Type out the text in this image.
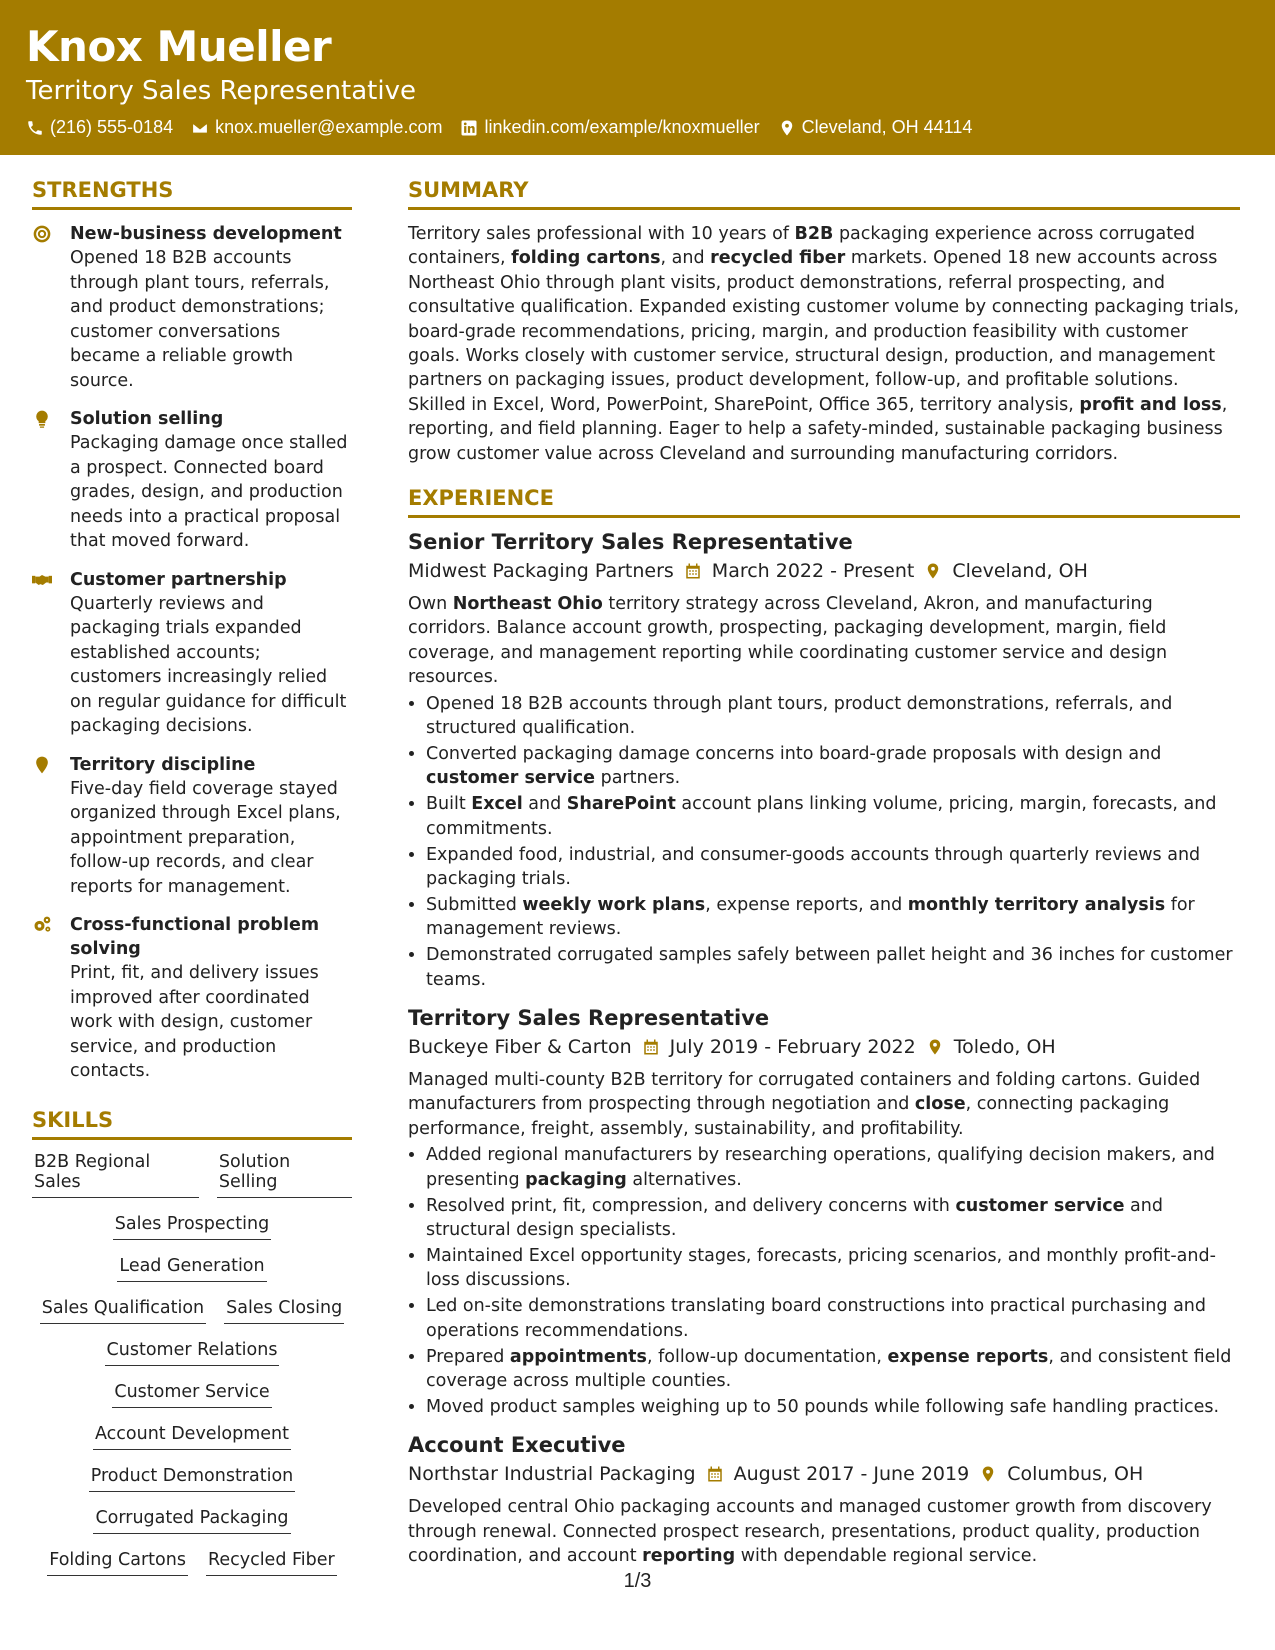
Knox Mueller
Territory Sales Representative
(216) 555-0184 knox.mueller@example.com linkedin.com/example/knoxmueller Cleveland, OH 44114
STRENGTHS
New-business development
Opened 18 B2B accounts through plant tours, referrals, and product demonstrations; customer conversations became a reliable growth source.
Solution selling
Packaging damage once stalled a prospect. Connected board grades, design, and production needs into a practical proposal that moved forward.
Customer partnership
Quarterly reviews and packaging trials expanded established accounts; customers increasingly relied on regular guidance for difficult packaging decisions.
Territory discipline
Five-day field coverage stayed organized through Excel plans, appointment preparation, follow-up records, and clear reports for management.
Cross-functional problem solving
Print, fit, and delivery issues improved after coordinated work with design, customer service, and production contacts.
SKILLS
B2B Regional Sales
Solution Selling
Sales Prospecting
Lead Generation
Sales Qualification Sales Closing
Customer Relations
Customer Service
Account Development
Product Demonstration
Corrugated Packaging
Folding Cartons Recycled Fiber
SUMMARY
Territory sales professional with 10 years of B2B packaging experience across corrugated containers, folding cartons, and recycled fiber markets. Opened 18 new accounts across Northeast Ohio through plant visits, product demonstrations, referral prospecting, and consultative qualification. Expanded existing customer volume by connecting packaging trials, board-grade recommendations, pricing, margin, and production feasibility with customer goals. Works closely with customer service, structural design, production, and management partners on packaging issues, product development, follow-up, and profitable solutions. Skilled in Excel, Word, PowerPoint, SharePoint, Office 365, territory analysis, profit and loss, reporting, and field planning. Eager to help a safety-minded, sustainable packaging business grow customer value across Cleveland and surrounding manufacturing corridors.
EXPERIENCE
Senior Territory Sales Representative
Midwest Packaging Partners March 2022 - Present Cleveland, OH
Own Northeast Ohio territory strategy across Cleveland, Akron, and manufacturing corridors. Balance account growth, prospecting, packaging development, margin, field coverage, and management reporting while coordinating customer service and design resources.
• Opened 18 B2B accounts through plant tours, product demonstrations, referrals, and structured qualification.
• Converted packaging damage concerns into board-grade proposals with design and customer service partners.
• Built Excel and SharePoint account plans linking volume, pricing, margin, forecasts, and commitments.
• Expanded food, industrial, and consumer-goods accounts through quarterly reviews and packaging trials.
• Submitted weekly work plans, expense reports, and monthly territory analysis for management reviews.
• Demonstrated corrugated samples safely between pallet height and 36 inches for customer teams.
Territory Sales Representative
Buckeye Fiber & Carton July 2019 - February 2022 Toledo, OH
Managed multi-county B2B territory for corrugated containers and folding cartons. Guided manufacturers from prospecting through negotiation and close, connecting packaging performance, freight, assembly, sustainability, and profitability.
• Added regional manufacturers by researching operations, qualifying decision makers, and presenting packaging alternatives.
• Resolved print, fit, compression, and delivery concerns with customer service and structural design specialists.
• Maintained Excel opportunity stages, forecasts, pricing scenarios, and monthly profit-and-loss discussions.
• Led on-site demonstrations translating board constructions into practical purchasing and operations recommendations.
• Prepared appointments, follow-up documentation, expense reports, and consistent field coverage across multiple counties.
• Moved product samples weighing up to 50 pounds while following safe handling practices.
Account Executive
Northstar Industrial Packaging August 2017 - June 2019 Columbus, OH
Developed central Ohio packaging accounts and managed customer growth from discovery through renewal. Connected prospect research, presentations, product quality, production coordination, and account reporting with dependable regional service.
1/3
